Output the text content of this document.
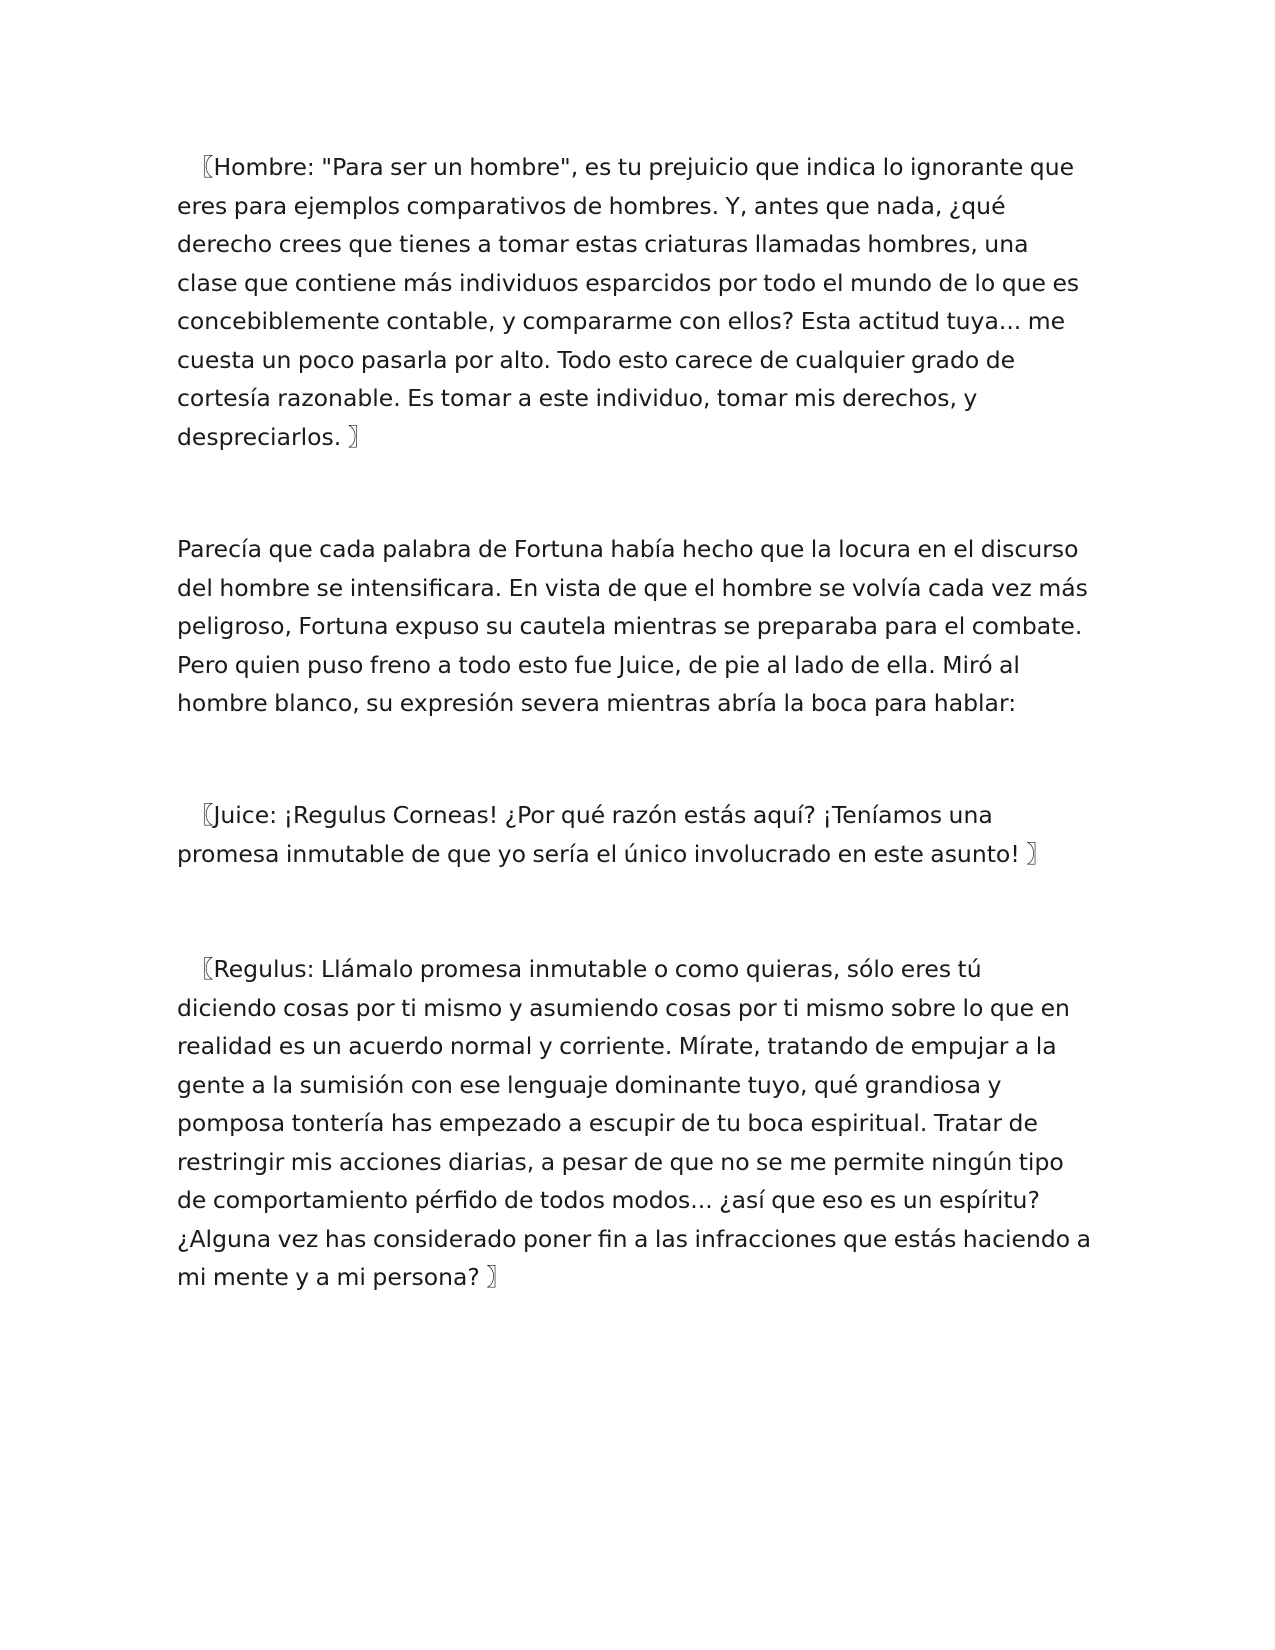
〖Hombre: "Para ser un hombre", es tu prejuicio que indica lo ignorante que
eres para ejemplos comparativos de hombres. Y, antes que nada, ¿qué
derecho crees que tienes a tomar estas criaturas llamadas hombres, una
clase que contiene más individuos esparcidos por todo el mundo de lo que es
concebiblemente contable, y compararme con ellos? Esta actitud tuya... me
cuesta un poco pasarla por alto. Todo esto carece de cualquier grado de
cortesía razonable. Es tomar a este individuo, tomar mis derechos, y
despreciarlos. 〗

Parecía que cada palabra de Fortuna había hecho que la locura en el discurso
del hombre se intensificara. En vista de que el hombre se volvía cada vez más
peligroso, Fortuna expuso su cautela mientras se preparaba para el combate.
Pero quien puso freno a todo esto fue Juice, de pie al lado de ella. Miró al
hombre blanco, su expresión severa mientras abría la boca para hablar:

〖Juice: ¡Regulus Corneas! ¿Por qué razón estás aquí? ¡Teníamos una
promesa inmutable de que yo sería el único involucrado en este asunto! 〗

〖Regulus: Llámalo promesa inmutable o como quieras, sólo eres tú
diciendo cosas por ti mismo y asumiendo cosas por ti mismo sobre lo que en
realidad es un acuerdo normal y corriente. Mírate, tratando de empujar a la
gente a la sumisión con ese lenguaje dominante tuyo, qué grandiosa y
pomposa tontería has empezado a escupir de tu boca espiritual. Tratar de
restringir mis acciones diarias, a pesar de que no se me permite ningún tipo
de comportamiento pérfido de todos modos... ¿así que eso es un espíritu?
¿Alguna vez has considerado poner fin a las infracciones que estás haciendo a
mi mente y a mi persona? 〗
